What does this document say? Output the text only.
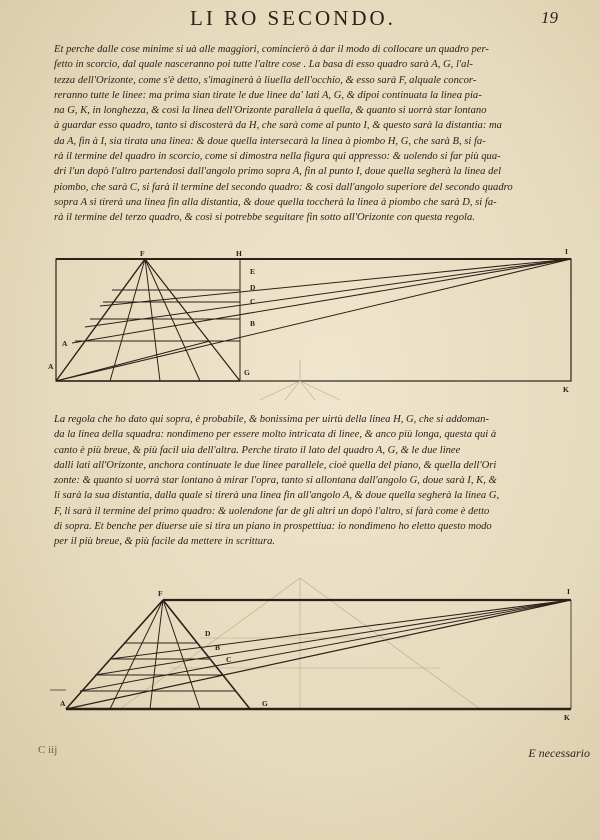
LI RO SECONDO.	19

Et perche dalle cose minime si uà alle maggiori, comincierò à dar il modo di collocare un quadro per-
fetto in scorcio, dal quale nasceranno poi tutte l'altre cose . La basa di esso quadro sarà A, G, l'al-
tezza dell'Orizonte, come s'è detto, s'imaginerà à liuella dell'occhio, & esso sarà F, alquale concor-
reranno tutte le linee: ma prima sian tirate le due linee da' lati A, G, & dipoi continuata la linea pia-
na G, K, in longhezza, & così la linea dell'Orizonte parallela à quella, & quanto si uorrà star lontano
à guardar esso quadro, tanto si discosterà da H, che sarà come al punto I, & questo sarà la distantia: ma
da A, fin à I, sia tirata una linea: & doue quella intersecarà la linea à piombo H, G, che sarà B, si fa-
rà il termine del quadro in scorcio, come si dimostra nella figura qui appresso: & uolendo si far più qua-
dri l'un dopò l'altro partendosi dall'angolo primo sopra A, fin al punto I, doue quella segherà la linea del
piombo, che sarà C, si farà il termine del secondo quadro: & così dall'angolo superiore del secondo quadro
sopra A si tirerà una linea fin alla distantia, & doue quella toccherà la linea à piombo che sarà D, si fa-
rà il termine del terzo quadro, & così si potrebbe seguitare fin sotto all'Orizonte con questa regola.

F	H	I
E
D
C
B
A
A
G
K

La regola che ho dato qui sopra, è probabile, & bonissima per uirtù della linea H, G, che si addoman-
da la linea della squadra: nondimeno per essere molto intricata di linee, & anco più longa, questa qui à
canto è più breue, & più facil uia dell'altra. Perche tirato il lato del quadro A, G, & le due linee
dalli lati all'Orizonte, anchora continuate le due linee parallele, cioè quella del piano, & quella dell'Ori
zonte: & quanto si uorrà star lontano à mirar l'opra, tanto si allontana dall'angolo G, doue sarà I, K, &
li sarà la sua distantia, dalla quale si tirerà una linea fin all'angolo A, & doue quella segherà la linea G,
F, li sarà il termine del primo quadro: & uolendone far de gli altri un dopò l'altro, si farà come è detto
di sopra. Et benche per diuerse uie si tira un piano in prospettiua: io nondimeno ho eletto questo modo
per il più breue, & più facile da mettere in scrittura.

F	I
D
B
C
A	G
K
C iij	E necessario
